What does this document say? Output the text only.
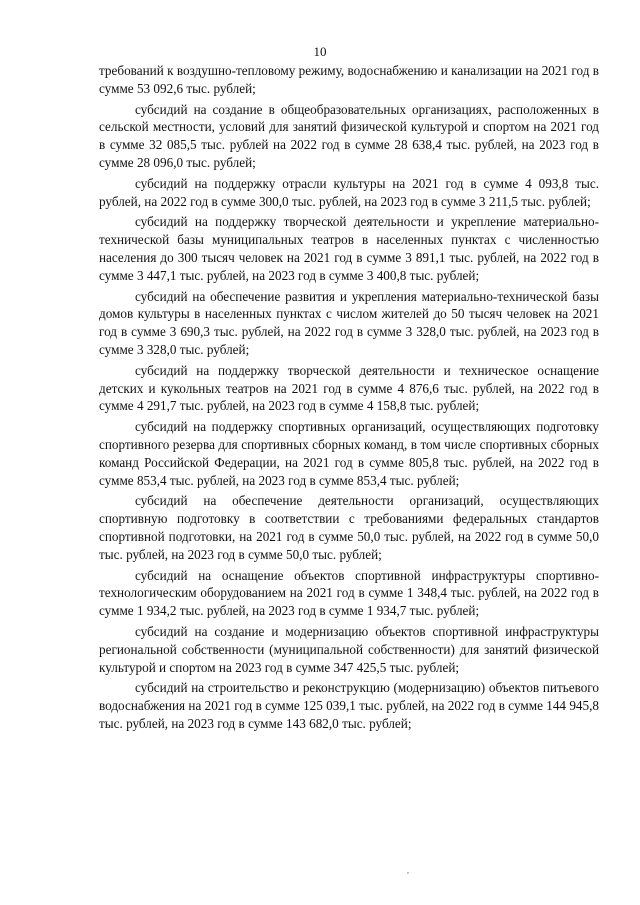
10

требований к воздушно-тепловому режиму, водоснабжению и канализации на 2021 год в сумме 53 092,6 тыс. рублей;

субсидий на создание в общеобразовательных организациях, расположенных в сельской местности, условий для занятий физической культурой и спортом на 2021 год в сумме 32 085,5 тыс. рублей на 2022 год в сумме 28 638,4 тыс. рублей, на 2023 год в сумме 28 096,0 тыс. рублей;

субсидий на поддержку отрасли культуры на 2021 год в сумме 4 093,8 тыс. рублей, на 2022 год в сумме 300,0 тыс. рублей, на 2023 год в сумме 3 211,5 тыс. рублей;

субсидий на поддержку творческой деятельности и укрепление материально-технической базы муниципальных театров в населенных пунктах с численностью населения до 300 тысяч человек на 2021 год в сумме 3 891,1 тыс. рублей, на 2022 год в сумме 3 447,1 тыс. рублей, на 2023 год в сумме 3 400,8 тыс. рублей;

субсидий на обеспечение развития и укрепления материально-технической базы домов культуры в населенных пунктах с числом жителей до 50 тысяч человек на 2021 год в сумме 3 690,3 тыс. рублей, на 2022 год в сумме 3 328,0 тыс. рублей, на 2023 год в сумме 3 328,0 тыс. рублей;

субсидий на поддержку творческой деятельности и техническое оснащение детских и кукольных театров на 2021 год в сумме 4 876,6 тыс. рублей, на 2022 год в сумме 4 291,7 тыс. рублей, на 2023 год в сумме 4 158,8 тыс. рублей;

субсидий на поддержку спортивных организаций, осуществляющих подготовку спортивного резерва для спортивных сборных команд, в том числе спортивных сборных команд Российской Федерации, на 2021 год в сумме 805,8 тыс. рублей, на 2022 год в сумме 853,4 тыс. рублей, на 2023 год в сумме 853,4 тыс. рублей;

субсидий на обеспечение деятельности организаций, осуществляющих спортивную подготовку в соответствии с требованиями федеральных стандартов спортивной подготовки, на 2021 год в сумме 50,0 тыс. рублей, на 2022 год в сумме 50,0 тыс. рублей, на 2023 год в сумме 50,0 тыс. рублей;

субсидий на оснащение объектов спортивной инфраструктуры спортивно-технологическим оборудованием на 2021 год в сумме 1 348,4 тыс. рублей, на 2022 год в сумме 1 934,2 тыс. рублей, на 2023 год в сумме 1 934,7 тыс. рублей;

субсидий на создание и модернизацию объектов спортивной инфраструктуры региональной собственности (муниципальной собственности) для занятий физической культурой и спортом на 2023 год в сумме 347 425,5 тыс. рублей;

субсидий на строительство и реконструкцию (модернизацию) объектов питьевого водоснабжения на 2021 год в сумме 125 039,1 тыс. рублей, на 2022 год в сумме 144 945,8 тыс. рублей, на 2023 год в сумме 143 682,0 тыс. рублей;

,
